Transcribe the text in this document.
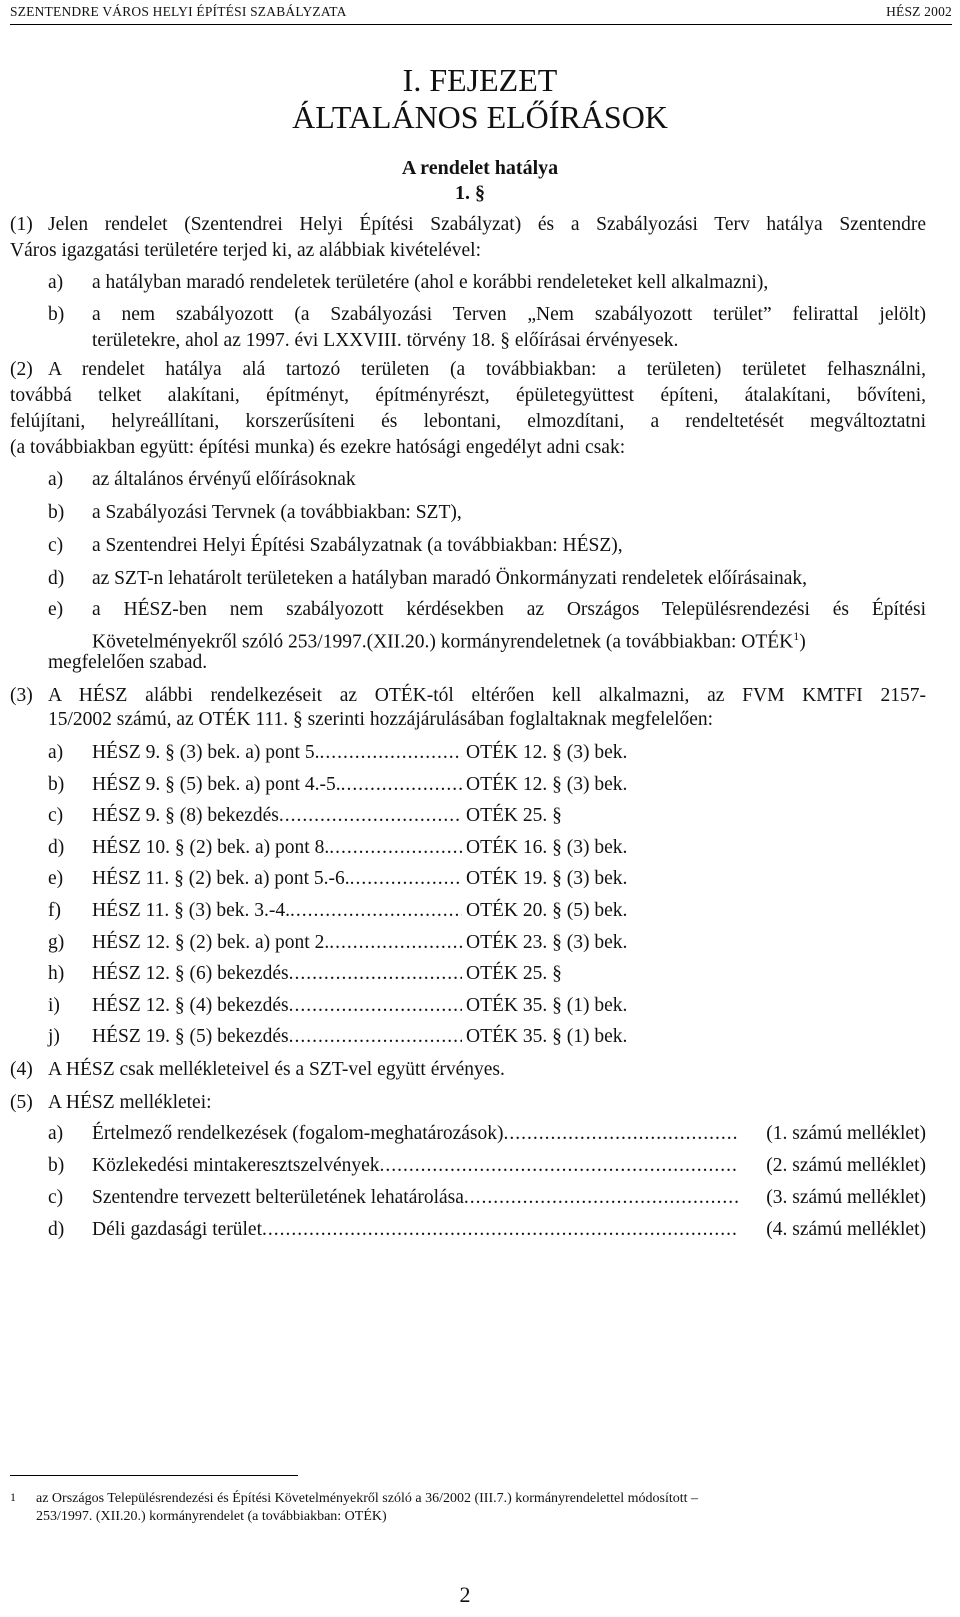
SZENTENDRE VÁROS HELYI ÉPÍTÉSI SZABÁLYZATA	HÉSZ 2002
I. FEJEZET
ÁLTALÁNOS ELŐÍRÁSOK
A rendelet hatálya
1. §
(1) Jelen rendelet (Szentendrei Helyi Építési Szabályzat) és a Szabályozási Terv hatálya Szentendre
Város igazgatási területére terjed ki, az alábbiak kivételével:
a) a hatályban maradó rendeletek területére (ahol e korábbi rendeleteket kell alkalmazni),
b) a nem szabályozott (a Szabályozási Terven „Nem szabályozott terület” felirattal jelölt)
területekre, ahol az 1997. évi LXXVIII. törvény 18. § előírásai érvényesek.
(2) A rendelet hatálya alá tartozó területen (a továbbiakban: a területen) területet felhasználni,
továbbá telket alakítani, építményt, építményrészt, épületegyüttest építeni, átalakítani, bővíteni,
felújítani, helyreállítani, korszerűsíteni és lebontani, elmozdítani, a rendeltetését megváltoztatni
(a továbbiakban együtt: építési munka) és ezekre hatósági engedélyt adni csak:
a) az általános érvényű előírásoknak
b) a Szabályozási Tervnek (a továbbiakban: SZT),
c) a Szentendrei Helyi Építési Szabályzatnak (a továbbiakban: HÉSZ),
d) az SZT-n lehatárolt területeken a hatályban maradó Önkormányzati rendeletek előírásainak,
e) a HÉSZ-ben nem szabályozott kérdésekben az Országos Településrendezési és Építési
Követelményekről szóló 253/1997.(XII.20.) kormányrendeletnek (a továbbiakban: OTÉK$^1$)
megfelelően szabad.
(3) A HÉSZ alábbi rendelkezéseit az OTÉK-tól eltérően kell alkalmazni, az FVM KMTFI 2157-
15/2002 számú, az OTÉK 111. § szerinti hozzájárulásában foglaltaknak megfelelően:
a) HÉSZ 9. § (3) bek. a) pont 5. .....	OTÉK 12. § (3) bek.
b) HÉSZ 9. § (5) bek. a) pont 4.-5. .....	OTÉK 12. § (3) bek.
c) HÉSZ 9. § (8) bekezdés .....	OTÉK 25. §
d) HÉSZ 10. § (2) bek. a) pont 8. .....	OTÉK 16. § (3) bek.
e) HÉSZ 11. § (2) bek. a) pont 5.-6. .....	OTÉK 19. § (3) bek.
f) HÉSZ 11. § (3) bek. 3.-4. .....	OTÉK 20. § (5) bek.
g) HÉSZ 12. § (2) bek. a) pont 2. .....	OTÉK 23. § (3) bek.
h) HÉSZ 12. § (6) bekezdés .....	OTÉK 25. §
i) HÉSZ 12. § (4) bekezdés .....	OTÉK 35. § (1) bek.
j) HÉSZ 19. § (5) bekezdés .....	OTÉK 35. § (1) bek.
(4) A HÉSZ csak mellékleteivel és a SZT-vel együtt érvényes.
(5) A HÉSZ mellékletei:
a) Értelmező rendelkezések (fogalom-meghatározások) .....	(1. számú melléklet)
b) Közlekedési mintakeresztszelvények .....	(2. számú melléklet)
c) Szentendre tervezett belterületének lehatárolása .....	(3. számú melléklet)
d) Déli gazdasági terület .....	(4. számú melléklet)
1 az Országos Településrendezési és Építési Követelményekről szóló a 36/2002 (III.7.) kormányrendelettel módosított –
253/1997. (XII.20.) kormányrendelet (a továbbiakban: OTÉK)
2
